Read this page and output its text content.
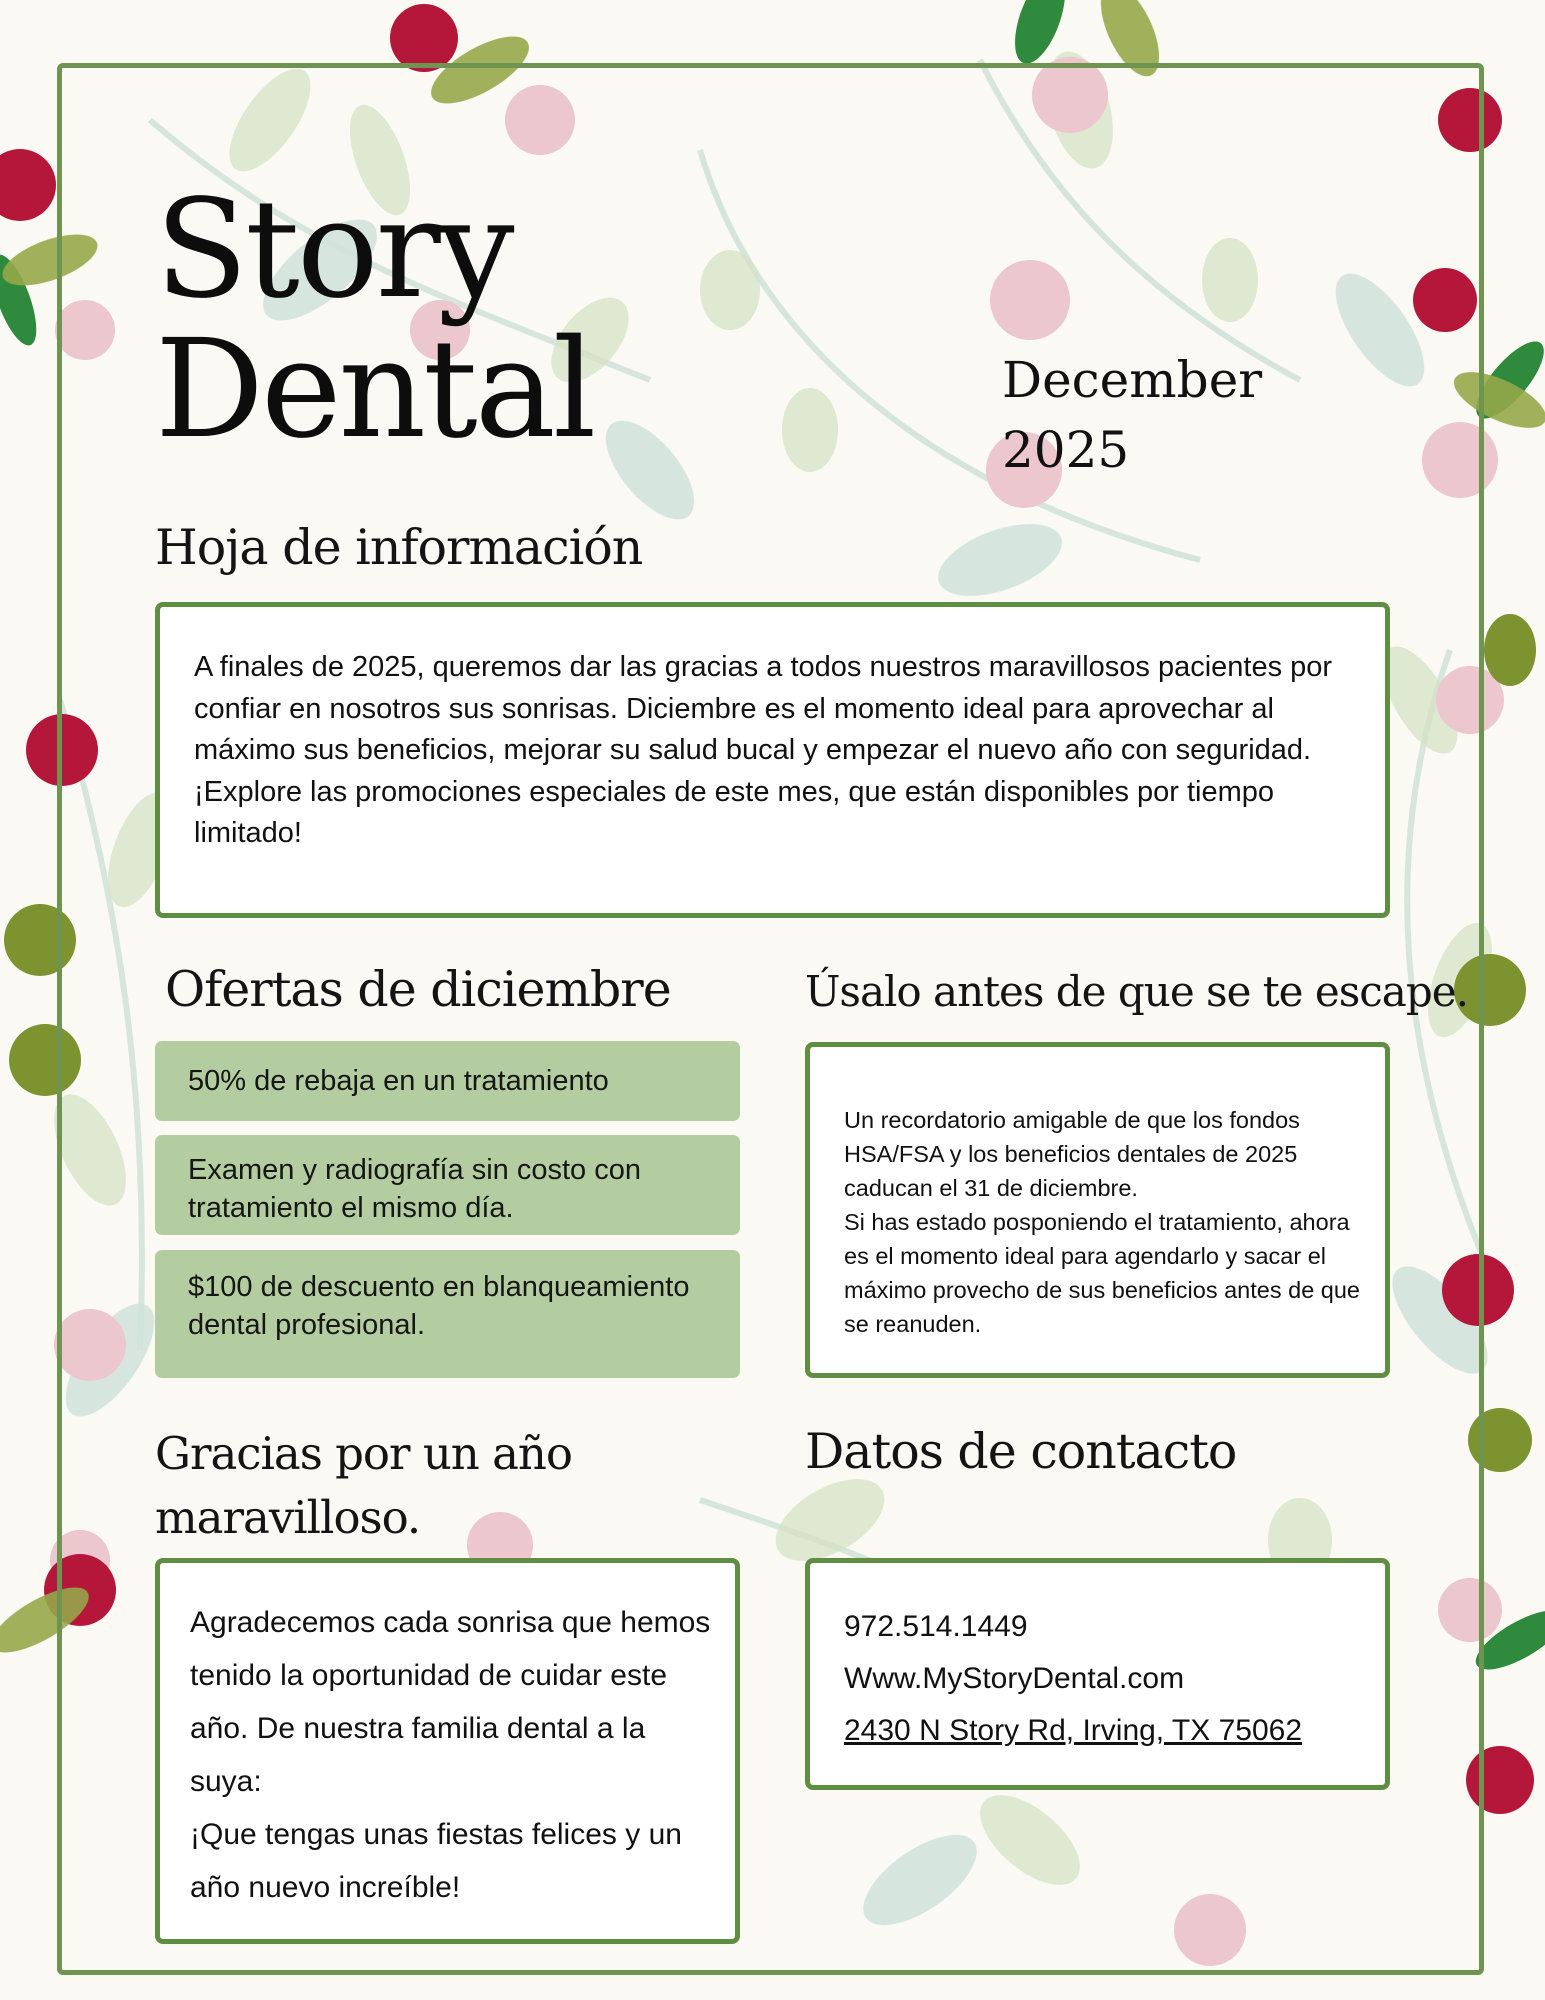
Story
Dental	December
2025
Hoja de información
A finales de 2025, queremos dar las gracias a todos nuestros maravillosos pacientes por confiar en nosotros sus sonrisas. Diciembre es el momento ideal para aprovechar al máximo sus beneficios, mejorar su salud bucal y empezar el nuevo año con seguridad. ¡Explore las promociones especiales de este mes, que están disponibles por tiempo limitado!
Ofertas de diciembre
50% de rebaja en un tratamiento
Examen y radiografía sin costo con tratamiento el mismo día.
$100 de descuento en blanqueamiento dental profesional.
Úsalo antes de que se te escape.

Un recordatorio amigable de que los fondos HSA/FSA y los beneficios dentales de 2025 caducan el 31 de diciembre.
Si has estado posponiendo el tratamiento, ahora es el momento ideal para agendarlo y sacar el máximo provecho de sus beneficios antes de que se reanuden.

Gracias por un año maravilloso.
Agradecemos cada sonrisa que hemos tenido la oportunidad de cuidar este año. De nuestra familia dental a la suya:
¡Que tengas unas fiestas felices y un año nuevo increíble!
Datos de contacto
972.514.1449
Www.MyStoryDental.com
2430 N Story Rd, Irving, TX 75062
